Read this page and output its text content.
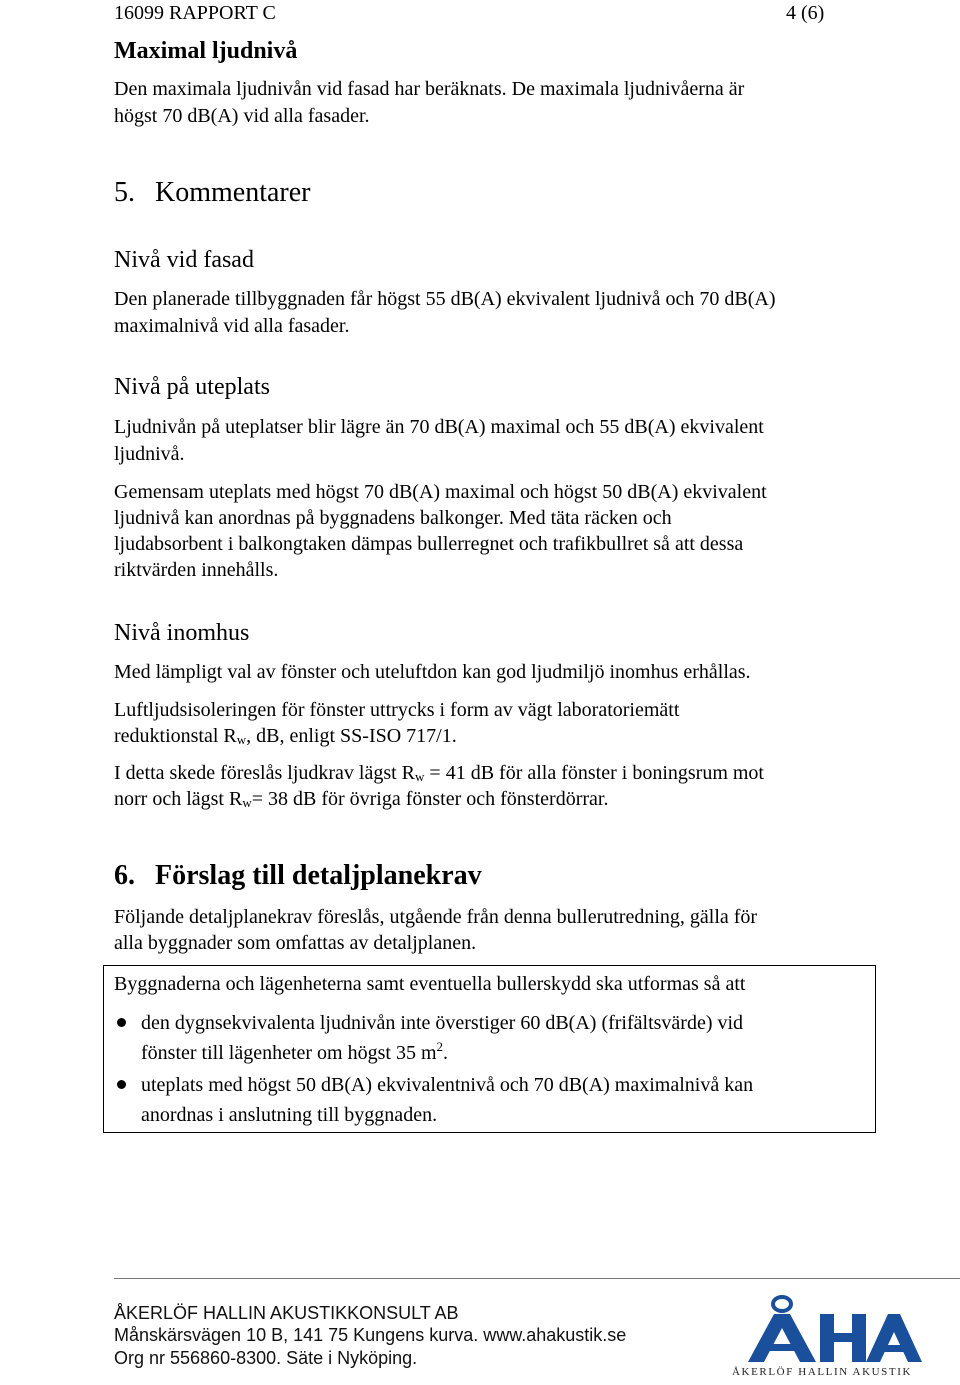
16099 RAPPORT C	4 (6)
Maximal ljudnivå
Den maximala ljudnivån vid fasad har beräknats. De maximala ljudnivåerna är
högst 70 dB(A) vid alla fasader.
5. Kommentarer
Nivå vid fasad
Den planerade tillbyggnaden får högst 55 dB(A) ekvivalent ljudnivå och 70 dB(A)
maximalnivå vid alla fasader.
Nivå på uteplats
Ljudnivån på uteplatser blir lägre än 70 dB(A) maximal och 55 dB(A) ekvivalent
ljudnivå.
Gemensam uteplats med högst 70 dB(A) maximal och högst 50 dB(A) ekvivalent
ljudnivå kan anordnas på byggnadens balkonger. Med täta räcken och
ljudabsorbent i balkongtaken dämpas bullerregnet och trafikbullret så att dessa
riktvärden innehålls.
Nivå inomhus
Med lämpligt val av fönster och uteluftdon kan god ljudmiljö inomhus erhållas.
Luftljudsisoleringen för fönster uttrycks i form av vägt laboratoriemätt
reduktionstal $R_w$, dB, enligt SS-ISO 717/1.
I detta skede föreslås ljudkrav lägst $R_w = 41$ dB för alla fönster i boningsrum mot
norr och lägst $R_w= 38$ dB för övriga fönster och fönsterdörrar.
6. Förslag till detaljplanekrav
Följande detaljplanekrav föreslås, utgående från denna bullerutredning, gälla för
alla byggnader som omfattas av detaljplanen.
Byggnaderna och lägenheterna samt eventuella bullerskydd ska utformas så att
den dygnsekvivalenta ljudnivån inte överstiger 60 dB(A) (frifältsvärde) vid
fönster till lägenheter om högst 35 $m^2$.
uteplats med högst 50 dB(A) ekvivalentnivå och 70 dB(A) maximalnivå kan
anordnas i anslutning till byggnaden.
ÅKERLÖF HALLIN AKUSTIKKONSULT AB
Månskärsvägen 10 B, 141 75 Kungens kurva. www.ahakustik.se
Org nr 556860-8300. Säte i Nyköping.
ÅKERLÖF HALLIN AKUSTIK
